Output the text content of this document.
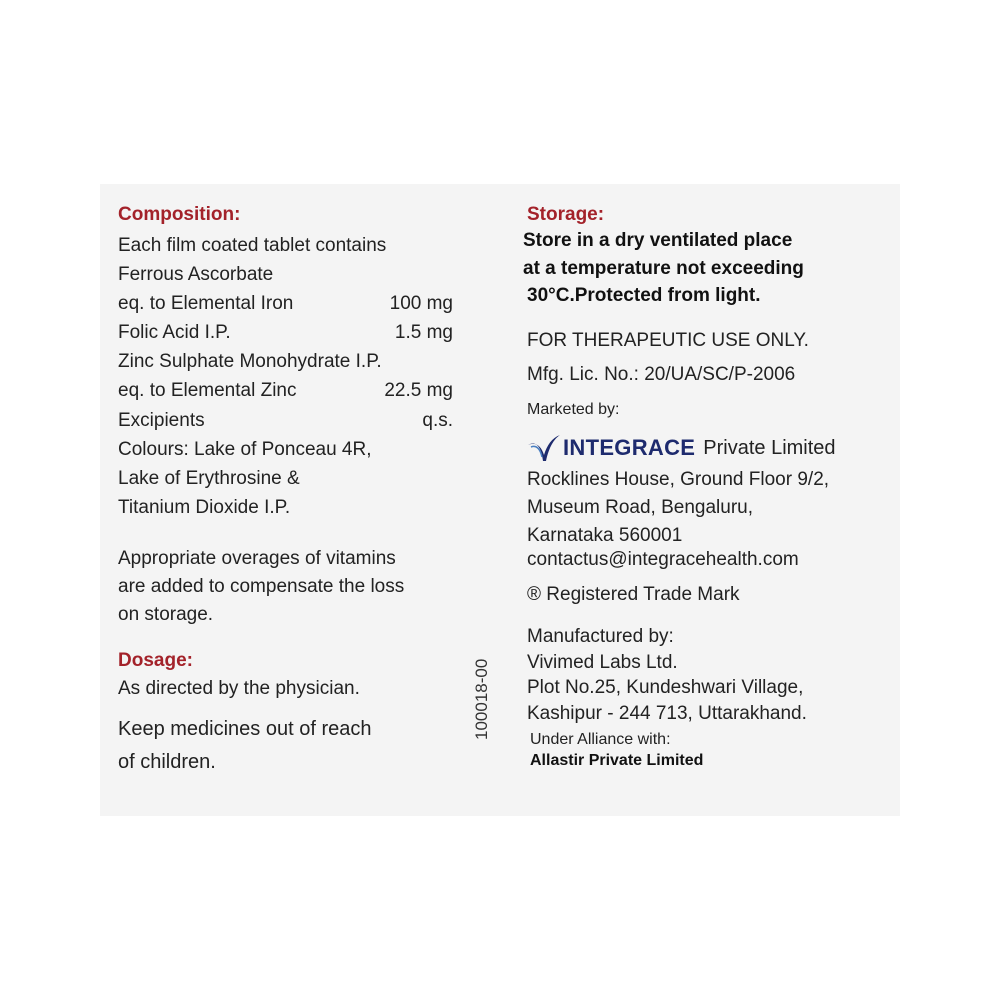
Composition:
Each film coated tablet contains
Ferrous Ascorbate
eq. to Elemental Iron	100 mg
Folic Acid I.P.	1.5 mg
Zinc Sulphate Monohydrate I.P.
eq. to Elemental Zinc	22.5 mg
Excipients	q.s.
Colours: Lake of Ponceau 4R,
Lake of Erythrosine &
Titanium Dioxide I.P.
Appropriate overages of vitamins
are added to compensate the loss
on storage.
Dosage:
As directed by the physician.
Keep medicines out of reach
of children.
100018-00
Storage:
Store in a dry ventilated place
at a temperature not exceeding
30°C.Protected from light.
FOR THERAPEUTIC USE ONLY.
Mfg. Lic. No.: 20/UA/SC/P-2006
Marketed by:
INTEGRACE Private Limited
Rocklines House, Ground Floor 9/2,
Museum Road, Bengaluru,
Karnataka 560001
contactus@integracehealth.com
® Registered Trade Mark
Manufactured by:
Vivimed Labs Ltd.
Plot No.25, Kundeshwari Village,
Kashipur - 244 713, Uttarakhand.
Under Alliance with:
Allastir Private Limited
